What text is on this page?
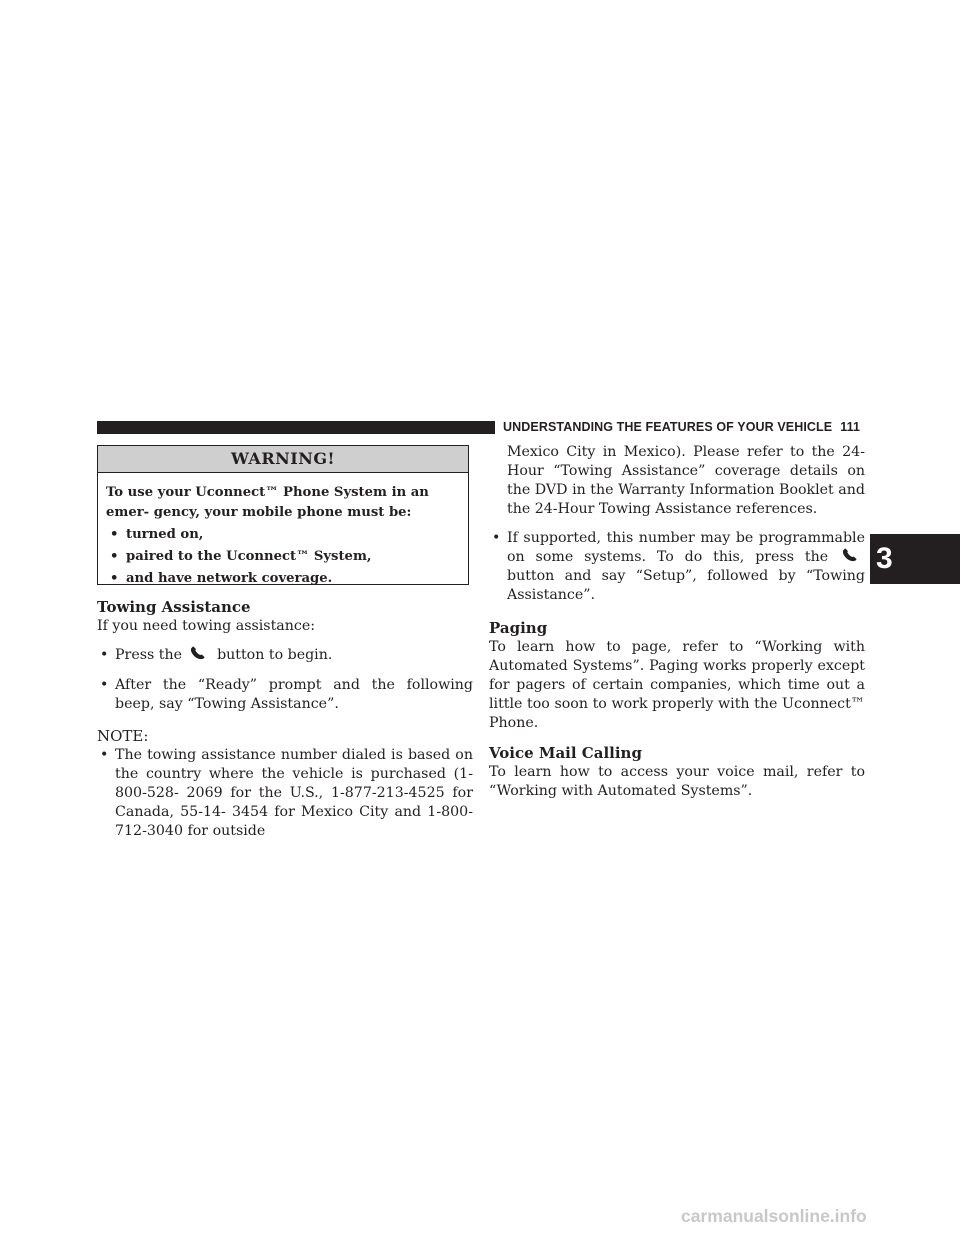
UNDERSTANDING THE FEATURES OF YOUR VEHICLE 111
WARNING!
To use your Uconnect™ Phone System in an emer- gency, your mobile phone must be:
• turned on,
• paired to the Uconnect™ System,
• and have network coverage.
Towing Assistance

If you need towing assistance:

• Press the button to begin.
• After the “Ready” prompt and the following beep, say “Towing Assistance”.
NOTE:
• The towing assistance number dialed is based on the country where the vehicle is purchased (1-800-528- 2069 for the U.S., 1-877-213-4525 for Canada, 55-14- 3454 for Mexico City and 1-800-712-3040 for outside

Mexico City in Mexico). Please refer to the 24-Hour “Towing Assistance” coverage details on the DVD in the Warranty Information Booklet and the 24-Hour Towing Assistance references.

• If supported, this number may be programmable on some systems. To do this, press the
button and say “Setup”, followed by “Towing Assistance”.
Paging

To learn how to page, refer to “Working with Automated Systems”. Paging works properly except for pagers of certain companies, which time out a little too soon to work properly with the Uconnect™ Phone.

Voice Mail Calling

To learn how to access your voice mail, refer to “Working with Automated Systems”.

3
carmanualsonline.info
